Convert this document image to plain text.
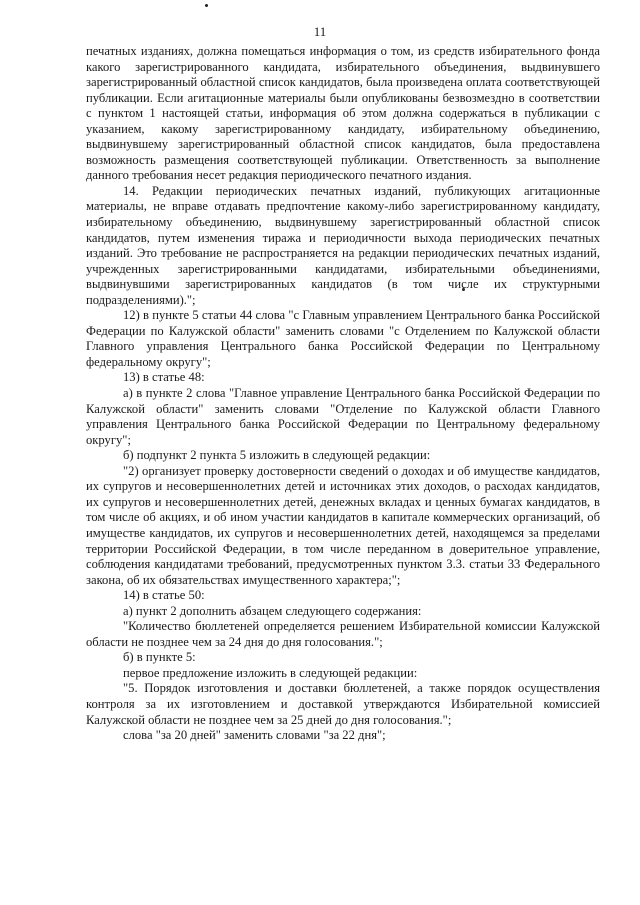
11

печатных изданиях, должна помещаться информация о том, из средств избирательного фонда какого зарегистрированного кандидата, избирательного объединения, выдвинувшего зарегистрированный областной список кандидатов, была произведена оплата соответствующей публикации. Если агитационные материалы были опубликованы безвозмездно в соответствии с пунктом 1 настоящей статьи, информация об этом должна содержаться в публикации с указанием, какому зарегистрированному кандидату, избирательному объединению, выдвинувшему зарегистрированный областной список кандидатов, была предоставлена возможность размещения соответствующей публикации. Ответственность за выполнение данного требования несет редакция периодического печатного издания.

14. Редакции периодических печатных изданий, публикующих агитационные материалы, не вправе отдавать предпочтение какому-либо зарегистрированному кандидату, избирательному объединению, выдвинувшему зарегистрированный областной список кандидатов, путем изменения тиража и периодичности выхода периодических печатных изданий. Это требование не распространяется на редакции периодических печатных изданий, учрежденных зарегистрированными кандидатами, избирательными объединениями, выдвинувшими зарегистрированных кандидатов (в том числе их структурными подразделениями).";

12) в пункте 5 статьи 44 слова "с Главным управлением Центрального банка Российской Федерации по Калужской области" заменить словами "с Отделением по Калужской области Главного управления Центрального банка Российской Федерации по Центральному федеральному округу";

13) в статье 48:

а) в пункте 2 слова "Главное управление Центрального банка Российской Федерации по Калужской области" заменить словами "Отделение по Калужской области Главного управления Центрального банка Российской Федерации по Центральному федеральному округу";

б) подпункт 2 пункта 5 изложить в следующей редакции:

"2) организует проверку достоверности сведений о доходах и об имуществе кандидатов, их супругов и несовершеннолетних детей и источниках этих доходов, о расходах кандидатов, их супругов и несовершеннолетних детей, денежных вкладах и ценных бумагах кандидатов, в том числе об акциях, и об ином участии кандидатов в капитале коммерческих организаций, об имуществе кандидатов, их супругов и несовершеннолетних детей, находящемся за пределами территории Российской Федерации, в том числе переданном в доверительное управление, соблюдения кандидатами требований, предусмотренных пунктом 3.3. статьи 33 Федерального закона, об их обязательствах имущественного характера;";

14) в статье 50:

а) пункт 2 дополнить абзацем следующего содержания:

"Количество бюллетеней определяется решением Избирательной комиссии Калужской области не позднее чем за 24 дня до дня голосования.";

б) в пункте 5:

первое предложение изложить в следующей редакции:

"5. Порядок изготовления и доставки бюллетеней, а также порядок осуществления контроля за их изготовлением и доставкой утверждаются Избирательной комиссией Калужской области не позднее чем за 25 дней до дня голосования.";

слова "за 20 дней" заменить словами "за 22 дня";
